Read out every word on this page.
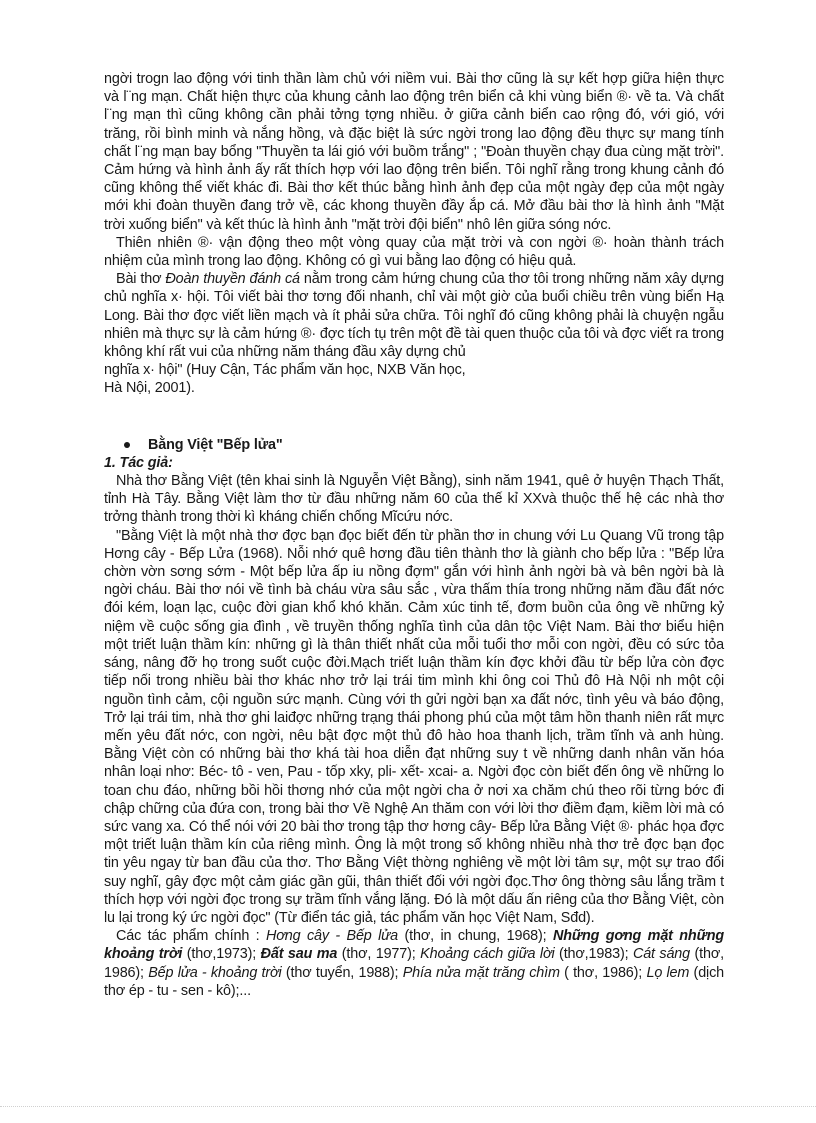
ngời trogn lao động với tinh thần làm chủ với niềm vui. Bài thơ cũng là sự kết hợp giữa hiện thực và l¨ng mạn. Chất hiện thực của khung cảnh lao động trên biển cả khi vùng biển ®· về ta. Và chất l¨ng mạn thì cũng không cần phải tởng tợng nhiều. ở giữa cảnh biển cao rộng đó, với gió, với trăng, rồi bình minh và nắng hồng, và đặc biệt là sức ngời trong lao động đều thực sự mang tính chất l¨ng mạn bay bổng "Thuyền ta lái gió với buồm trắng" ; "Đoàn thuyền chạy đua cùng mặt trời". Cảm hứng và hình ảnh ấy rất thích hợp với lao động trên biển. Tôi nghĩ rằng trong khung cảnh đó cũng không thể viết khác đi. Bài thơ kết thúc bằng hình ảnh đẹp của một ngày đẹp của một ngày mới khi đoàn thuyền đang trở về, các khong thuyền đầy ắp cá. Mở đầu bài thơ là hình ảnh "Mặt trời xuống biển" và kết thúc là hình ảnh "mặt trời đội biển" nhô lên giữa sóng nớc.

Thiên nhiên ®· vận động theo một vòng quay của mặt trời và con ngời ®· hoàn thành trách nhiệm của mình trong lao động. Không có gì vui bằng lao động có hiệu quả.

Bài thơ Đoàn thuyền đánh cá nằm trong cảm hứng chung của thơ tôi trong những năm xây dựng chủ nghĩa x· hội. Tôi viết bài thơ tơng đối nhanh, chỉ vài một giờ của buổi chiều trên vùng biển Hạ Long. Bài thơ đợc viết liền mạch và ít phải sửa chữa. Tôi nghĩ đó cũng không phải là chuyện ngẫu nhiên mà thực sự là cảm hứng ®· đợc tích tụ trên một đề tài quen thuộc của tôi và đợc viết ra trong không khí rất vui của những năm tháng đầu xây dựng chủ

nghĩa x· hội" (Huy Cận, Tác phẩm văn học, NXB Văn học,

Hà Nội, 2001).

Bằng Việt "Bếp lửa"

1. Tác giả:

Nhà thơ Bằng Việt (tên khai sinh là Nguyễn Việt Bằng), sinh năm 1941, quê ở huyện Thạch Thất, tỉnh Hà Tây. Bằng Việt làm thơ từ đầu những năm 60 của thế kỉ XXvà thuộc thế hệ các nhà thơ trởng thành trong thời kì kháng chiến chống Mĩcứu nớc.

"Bằng Việt là một nhà thơ đợc bạn đọc biết đến từ phần thơ in chung với Lu Quang Vũ trong tập Hơng cây - Bếp Lửa (1968). Nỗi nhớ quê hơng đầu tiên thành thơ là giành cho bếp lửa : "Bếp lửa chờn vờn sơng sớm - Một bếp lửa ấp iu nồng đợm" gắn với hình ảnh ngời bà và bên ngời bà là ngời cháu. Bài thơ nói về tình bà cháu vừa sâu sắc , vừa thấm thía trong những năm đầu đất nớc đói kém, loạn lạc, cuộc đời gian khổ khó khăn. Cảm xúc tinh tế, đơm buồn của ông về những kỷ niệm về cuộc sống gia đình , về truyền thống nghĩa tình của dân tộc Việt Nam. Bài thơ biểu hiện một triết luận thầm kín: những gì là thân thiết nhất của mỗi tuổi thơ mỗi con ngời, đều có sức tỏa sáng, nâng đỡ họ trong suốt cuộc đời.Mạch triết luận thầm kín đợc khởi đầu từ bếp lửa còn đợc tiếp nối trong nhiều bài thơ khác nhơ trở lại trái tim mình khi ông coi Thủ đô Hà Nội nh một cội nguồn tình cảm, cội nguồn sức mạnh. Cùng với th gửi ngời bạn xa đất nớc, tình yêu và báo động, Trở lại trái tim, nhà thơ ghi laiđợc những trạng thái phong phú của một tâm hồn thanh niên rất mực mến yêu đất nớc, con ngời, nêu bật đợc một thủ đô hào hoa thanh lịch, trầm tĩnh và anh hùng. Bằng Việt còn có những bài thơ khá tài hoa diễn đạt những suy t về những danh nhân văn hóa nhân loại nhơ: Béc- tô - ven, Pau - tốp xky, pli- xết- xcai- a. Ngời đọc còn biết đến ông về những lo toan chu đáo, những bồi hồi thơng nhớ của một ngời cha ở nơi xa chăm chú theo rõi từng bớc đi chập chững của đứa con, trong bài thơ Về Nghệ An thăm con với lời thơ điềm đạm, kiềm lời mà có sức vang xa. Có thể nói với 20 bài thơ trong tập thơ hơng cây- Bếp lửa Bằng Việt ®· phác họa đợc một triết luận thầm kín của riêng mình. Ông là một trong số không nhiều nhà thơ trẻ đợc bạn đọc tin yêu ngay từ ban đầu của thơ. Thơ Bằng Việt thờng nghiêng về một lời tâm sự, một sự trao đổi suy nghĩ, gây đợc một cảm giác gần gũi, thân thiết đối với ngời đọc.Thơ ông thờng sâu lắng trầm t thích hợp với ngời đọc trong sự trầm tĩnh vắng lặng. Đó là một dấu ấn riêng của thơ Bằng Việt, còn lu lại trong ký ức ngời đọc" (Từ điển tác giả, tác phẩm văn học Việt Nam, Sđd).

Các tác phẩm chính : Hơng cây - Bếp lửa (thơ, in chung, 1968); Những gơng mặt những khoảng trời (thơ,1973); Đất sau ma (thơ, 1977); Khoảng cách giữa lời (thơ,1983); Cát sáng (thơ, 1986); Bếp lửa - khoảng trời (thơ tuyển, 1988); Phía nửa mặt trăng chìm ( thơ, 1986); Lọ lem (dịch thơ ép - tu - sen - kô);...
